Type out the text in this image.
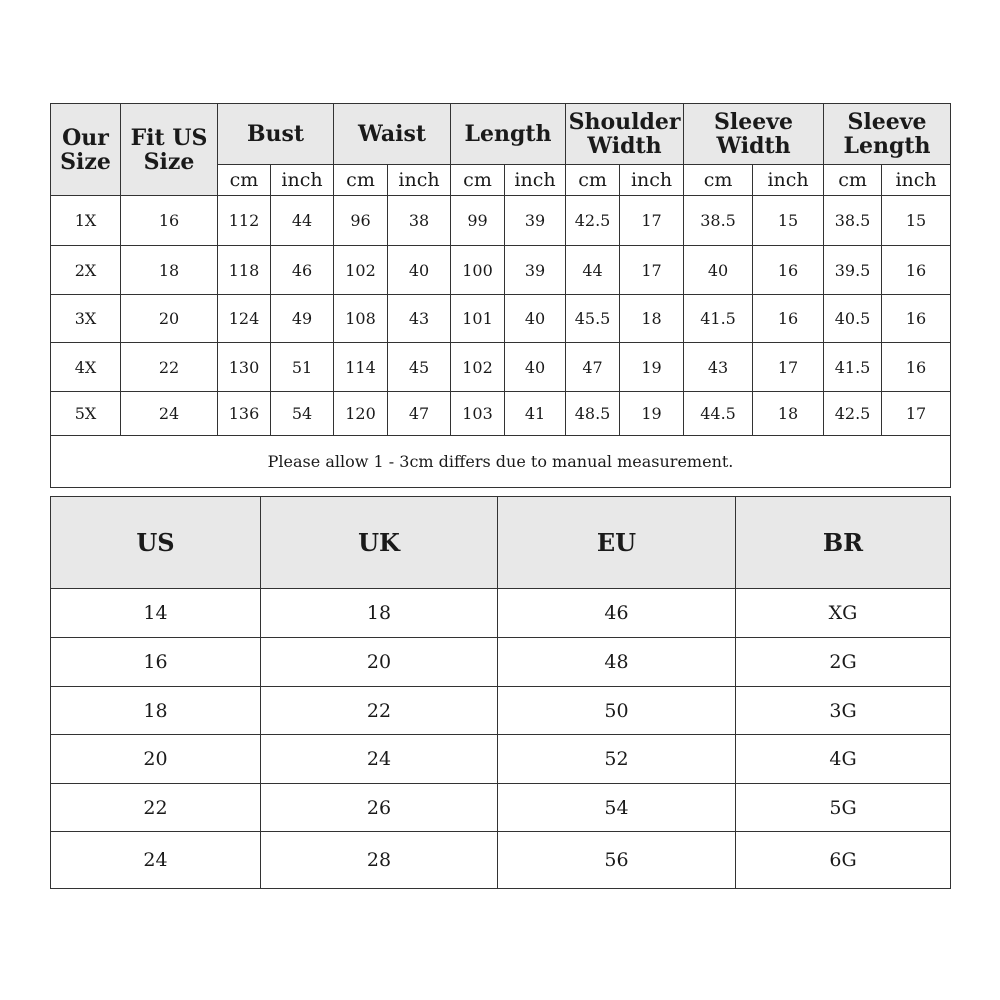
Our Size	Fit US Size	Bust		Waist		Length		Shoulder Width		Sleeve Width		Sleeve Length	
		cm	inch	cm	inch	cm	inch	cm	inch	cm	inch	cm	inch
1X	16	112	44	96	38	99	39	42.5	17	38.5	15	38.5	15
2X	18	118	46	102	40	100	39	44	17	40	16	39.5	16
3X	20	124	49	108	43	101	40	45.5	18	41.5	16	40.5	16
4X	22	130	51	114	45	102	40	47	19	43	17	41.5	16
5X	24	136	54	120	47	103	41	48.5	19	44.5	18	42.5	17
Please allow 1 - 3cm differs due to manual measurement.													
US	UK	EU	BR
14	18	46	XG
16	20	48	2G
18	22	50	3G
20	24	52	4G
22	26	54	5G
24	28	56	6G
